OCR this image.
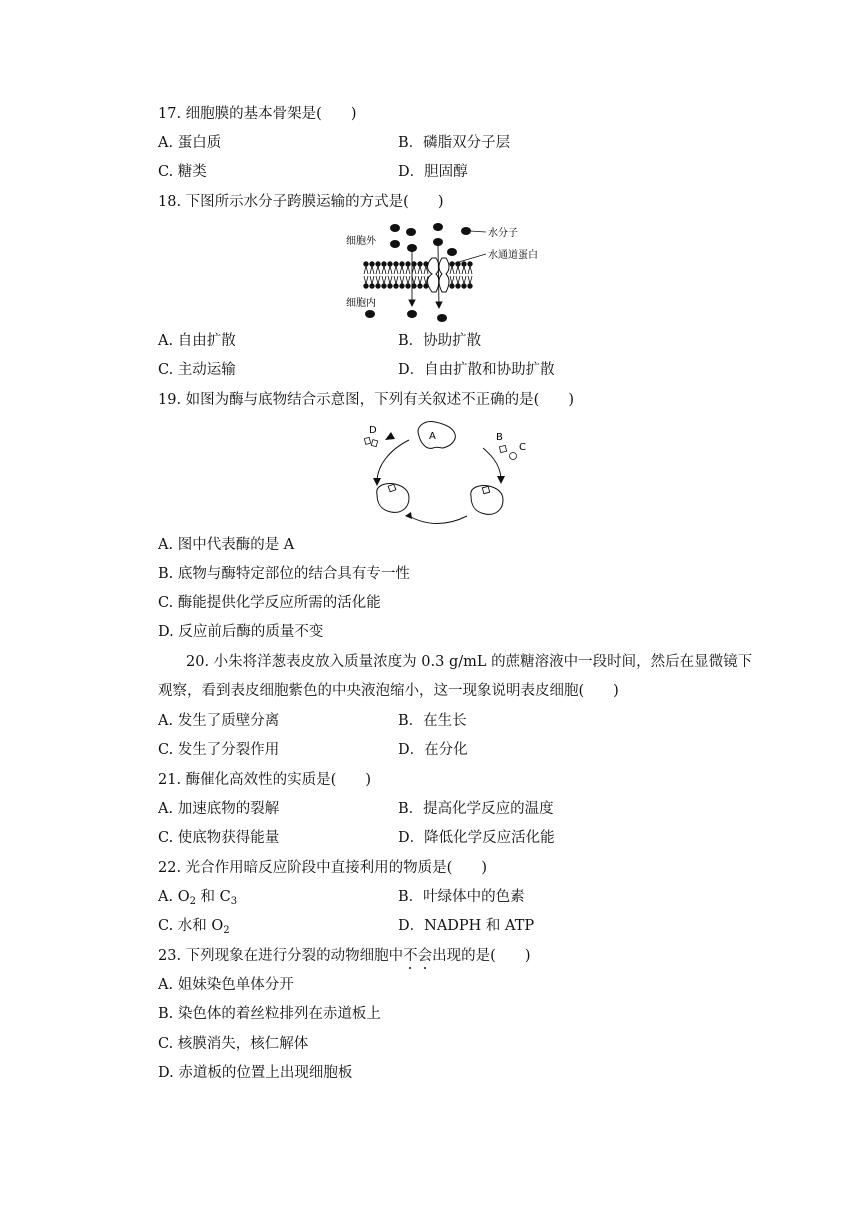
17. 细胞膜的基本骨架是(　　)
A. 蛋白质	B．磷脂双分子层
C. 糖类	D．胆固醇
18. 下图所示水分子跨膜运输的方式是(　　)
细胞外
细胞内
水分子
水通道蛋白
A. 自由扩散	B．协助扩散
C. 主动运输	D．自由扩散和协助扩散
19. 如图为酶与底物结合示意图，下列有关叙述不正确的是(　　)
A
D
B
C
A. 图中代表酶的是 A
B. 底物与酶特定部位的结合具有专一性
C. 酶能提供化学反应所需的活化能
D. 反应前后酶的质量不变
20. 小朱将洋葱表皮放入质量浓度为 0.3 g/mL 的蔗糖溶液中一段时间，然后在显微镜下
观察，看到表皮细胞紫色的中央液泡缩小，这一现象说明表皮细胞(　　)
A. 发生了质壁分离	B．在生长
C. 发生了分裂作用	D．在分化
21. 酶催化高效性的实质是(　　)
A. 加速底物的裂解	B．提高化学反应的温度
C. 使底物获得能量	D．降低化学反应活化能
22. 光合作用暗反应阶段中直接利用的物质是(　　)
A. $O_2$ 和 $C_3$	B．叶绿体中的色素
C. 水和 $O_2$	D．NADPH 和 ATP
23. 下列现象在进行分裂的动物细胞中不会出现的是(　　)
A. 姐妹染色单体分开
B. 染色体的着丝粒排列在赤道板上
C. 核膜消失，核仁解体
D. 赤道板的位置上出现细胞板
